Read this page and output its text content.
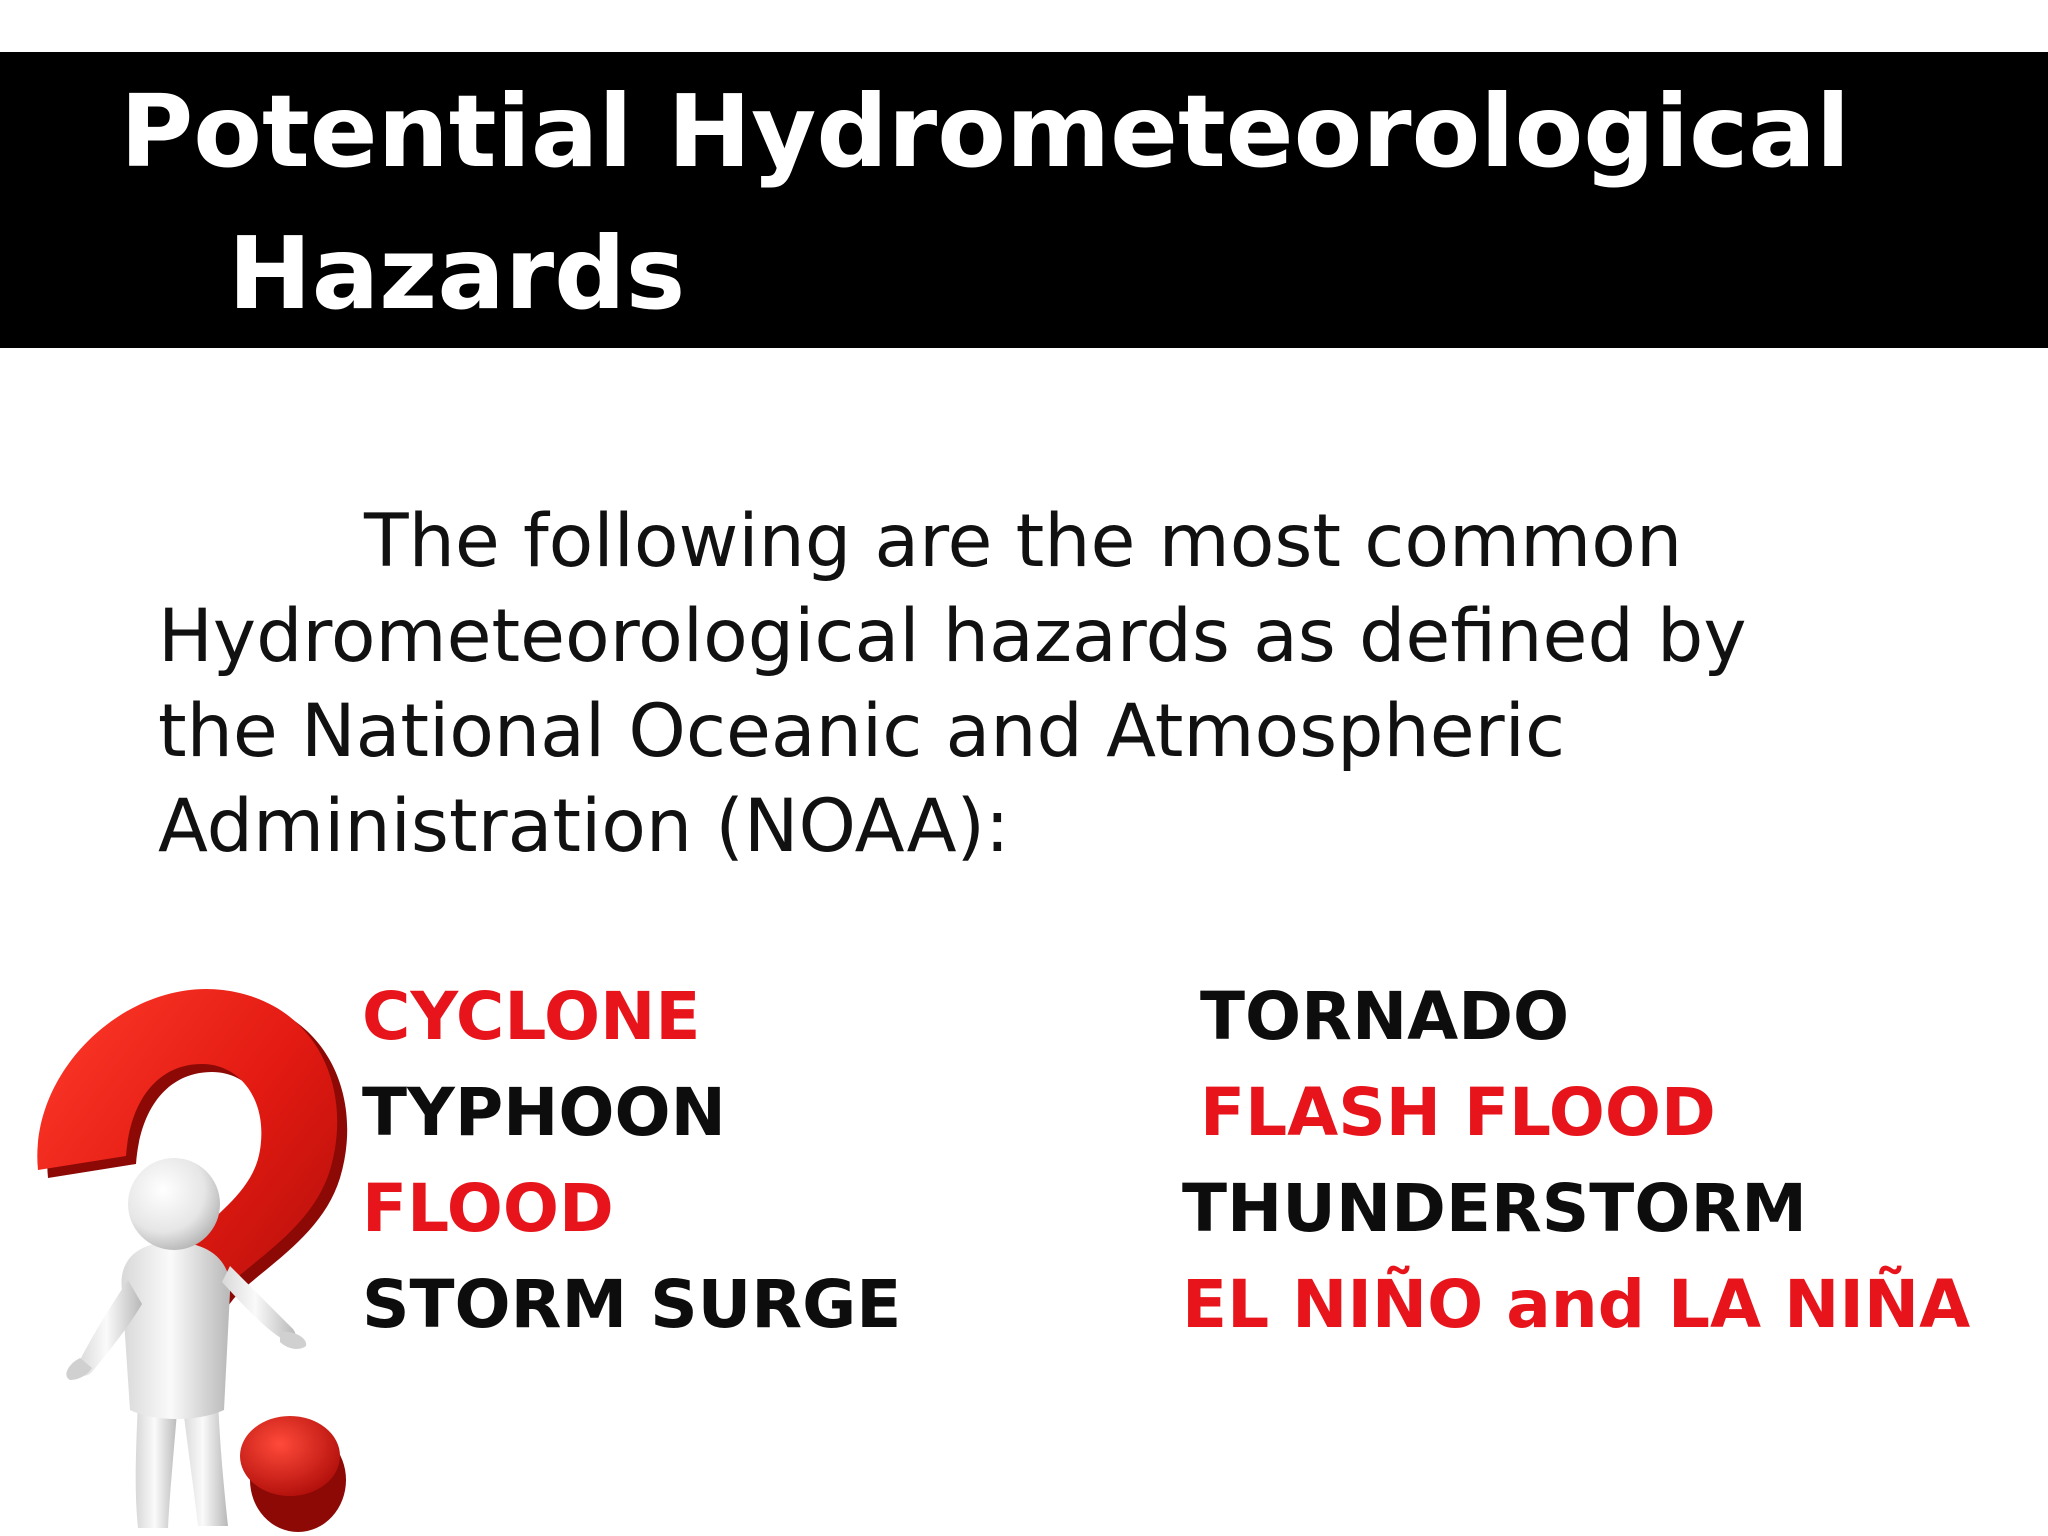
Potential Hydrometeorological
Hazards
The following are the most common
Hydrometeorological hazards as defined by
the National Oceanic and Atmospheric
Administration (NOAA):
CYCLONE
TYPHOON
FLOOD
STORM SURGE
TORNADO
FLASH FLOOD
THUNDERSTORM
EL NIÑO and LA NIÑA
